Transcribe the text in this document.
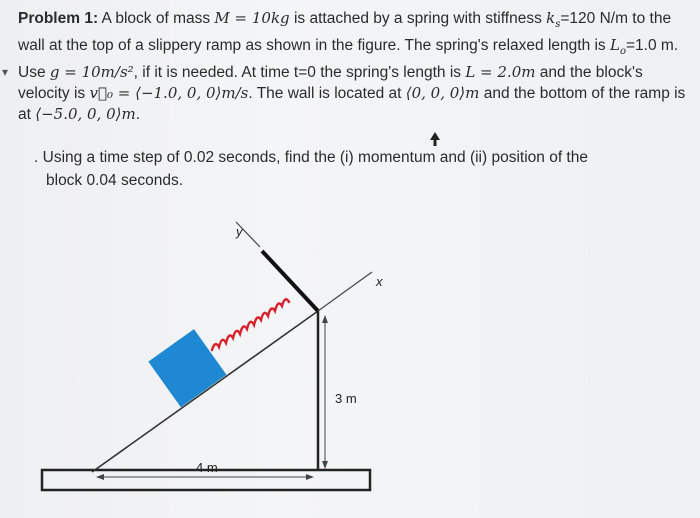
Problem 1: A block of mass M = 10kg is attached by a spring with stiffness $k_s=120$ N/m to the
wall at the top of a slippery ramp as shown in the figure. The spring's relaxed length is $L_o=1.0$ m.
▾ Use g = 10m/s², if it is needed. At time t=0 the spring's length is L = 2.0m and the block's
velocity is v⃗₀ = ⟨−1.0, 0, 0⟩m/s. The wall is located at ⟨0, 0, 0⟩m and the bottom of the ramp is
at ⟨−5.0, 0, 0⟩m.
. Using a time step of 0.02 seconds, find the (i) momentum and (ii) position of the
block 0.04 seconds.
y
x
3 m
4 m
